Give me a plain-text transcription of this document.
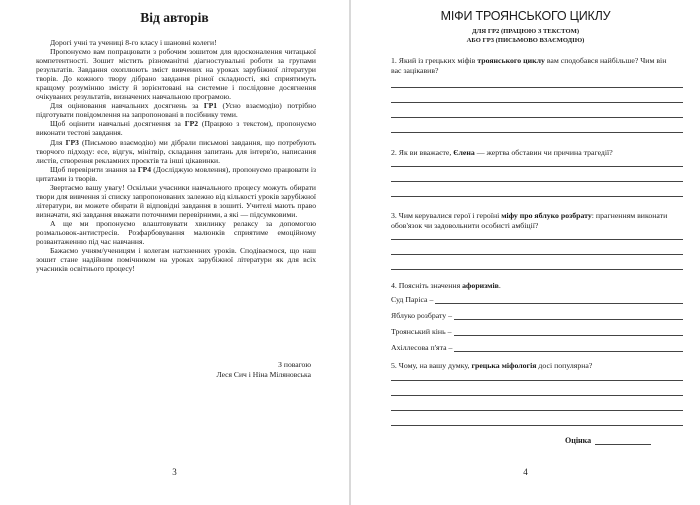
Від авторів

Дорогі учні та учениці 8-го класу і шановні колеги!

Пропонуємо вам попрацювати з робочим зошитом для вдосконалення читацької компетентності. Зошит містить різноманітні діагностувальні роботи за групами результатів. Завдання охоплюють зміст вивчених на уроках зарубіжної літератури творів. До кожного твору дібрано завдання різної складності, які сприятимуть кращому розумінню змісту й зорієнтовані на системне і послідовне досягнення очікуваних результатів, визначених навчальною програмою.

Для оцінювання навчальних досягнень за ГР1 (Усно взаємодію) потрібно підготувати повідомлення на запропоновані в посібнику теми.

Щоб оцінити навчальні досягнення за ГР2 (Працюю з текстом), пропонуємо виконати тестові завдання.

Для ГР3 (Письмово взаємодію) ми дібрали письмові завдання, що потребують творчого підходу: есе, відгук, мінітвір, складання запитань для інтерв'ю, написання листів, створення рекламних проєктів та інші цікавинки.

Щоб перевірити знання за ГР4 (Досліджую мовлення), пропонуємо працювати із цитатами із творів.

Звертаємо вашу увагу! Оскільки учасники навчального процесу можуть обирати твори для вивчення зі списку запропонованих залежно від кількості уроків зарубіжної літератури, ви можете обирати й відповідні завдання в зошиті. Учителі мають право визначати, які завдання вважати поточними перевірними, а які — підсумковими.

А ще ми пропонуємо влаштовувати хвилинку релаксу за допомогою розмальовок-антистресів. Розфарбовування малюнків сприятиме емоційному розвантаженню під час навчання.

Бажаємо учням/ученицям і колегам натхненних уроків. Сподіваємося, що наш зошит стане надійним помічником на уроках зарубіжної літератури як для всіх учасників освітнього процесу!

З повагою
Леся Сич і Ніна Міляновська
3
МІФИ ТРОЯНСЬКОГО ЦИКЛУ
ДЛЯ ГР2 (ПРАЦЮЮ З ТЕКСТОМ)
АБО ГР3 (ПИСЬМОВО ВЗАЄМОДІЮ)
1. Який із грецьких міфів троянського циклу вам сподобався найбільше? Чим він вас зацікавив?
2. Як ви вважаєте, Єлена — жертва обставин чи причина трагедії?
3. Чим керувалися герої і героїні міфу про яблуко розбрату: прагненням виконати обов'язок чи задовольнити особисті амбіції?
4. Поясніть значення афоризмів.
Суд Паріса –
Яблуко розбрату –
Троянський кінь –
Ахіллесова п'ята –
5. Чому, на вашу думку, грецька міфологія досі популярна?
Оцінка
4
